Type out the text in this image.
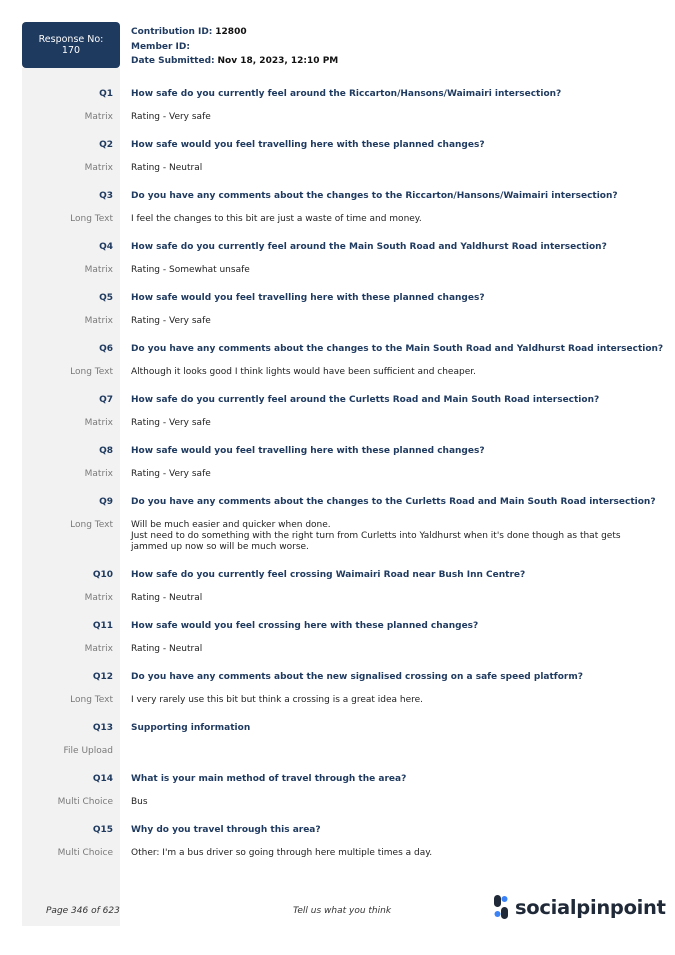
Response No:
170
Contribution ID: 12800
Member ID:
Date Submitted: Nov 18, 2023, 12:10 PM
Q1 How safe do you currently feel around the Riccarton/Hansons/Waimairi intersection?
Matrix Rating - Very safe
Q2 How safe would you feel travelling here with these planned changes?
Matrix Rating - Neutral
Q3 Do you have any comments about the changes to the Riccarton/Hansons/Waimairi intersection?
Long Text I feel the changes to this bit are just a waste of time and money.
Q4 How safe do you currently feel around the Main South Road and Yaldhurst Road intersection?
Matrix Rating - Somewhat unsafe
Q5 How safe would you feel travelling here with these planned changes?
Matrix Rating - Very safe
Q6 Do you have any comments about the changes to the Main South Road and Yaldhurst Road intersection?
Long Text Although it looks good I think lights would have been sufficient and cheaper.
Q7 How safe do you currently feel around the Curletts Road and Main South Road intersection?
Matrix Rating - Very safe
Q8 How safe would you feel travelling here with these planned changes?
Matrix Rating - Very safe
Q9 Do you have any comments about the changes to the Curletts Road and Main South Road intersection?
Long Text Will be much easier and quicker when done.
Just need to do something with the right turn from Curletts into Yaldhurst when it's done though as that gets
jammed up now so will be much worse.
Q10 How safe do you currently feel crossing Waimairi Road near Bush Inn Centre?
Matrix Rating - Neutral
Q11 How safe would you feel crossing here with these planned changes?
Matrix Rating - Neutral
Q12 Do you have any comments about the new signalised crossing on a safe speed platform?
Long Text I very rarely use this bit but think a crossing is a great idea here.
Q13 Supporting information
File Upload
Q14 What is your main method of travel through the area?
Multi Choice Bus
Q15 Why do you travel through this area?
Multi Choice Other: I'm a bus driver so going through here multiple times a day.
Page 346 of 623	Tell us what you think	socialpinpoint
